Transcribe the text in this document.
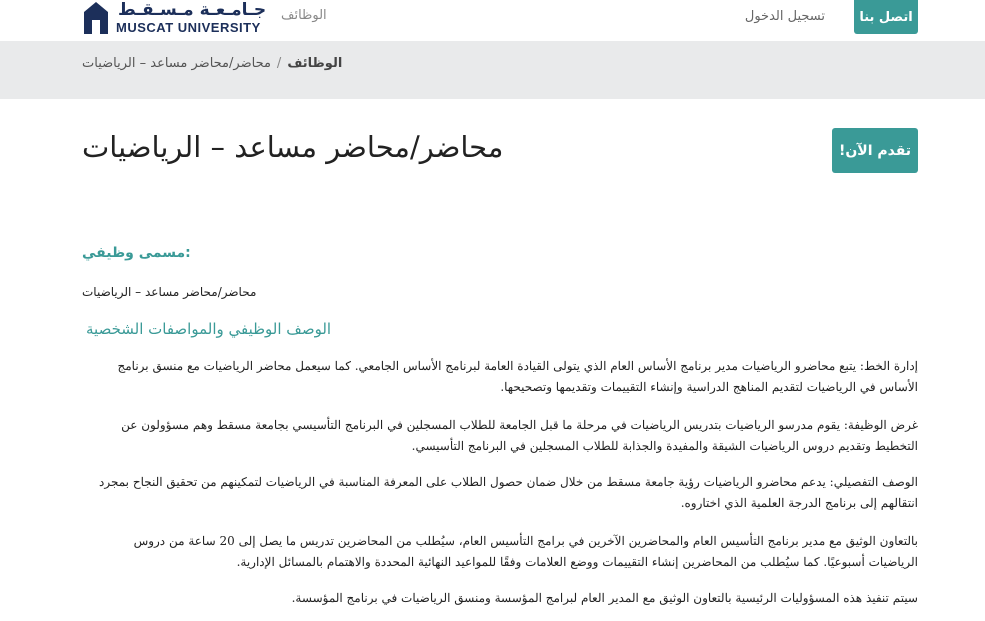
جـامـعـة مـسـقـط
MUSCAT UNIVERSITY
الوظائف	تسجيل الدخول	اتصل بنا
الوظائف/محاضر/محاضر مساعد – الرياضيات
محاضر/محاضر مساعد – الرياضيات	!تقدم الآن
:مسمى وظيفي
محاضر/محاضر مساعد – الرياضيات
الوصف الوظيفي والمواصفات الشخصية
إدارة الخط: يتبع محاضرو الرياضيات مدير برنامج الأساس العام الذي يتولى القيادة العامة لبرنامج الأساس الجامعي. كما سيعمل محاضر الرياضيات مع منسق برنامج الأساس في الرياضيات لتقديم المناهج الدراسية وإنشاء التقييمات وتقديمها وتصحيحها.
غرض الوظيفة: يقوم مدرسو الرياضيات بتدريس الرياضيات في مرحلة ما قبل الجامعة للطلاب المسجلين في البرنامج التأسيسي بجامعة مسقط وهم مسؤولون عن التخطيط وتقديم دروس الرياضيات الشيقة والمفيدة والجذابة للطلاب المسجلين في البرنامج التأسيسي.
الوصف التفصيلي: يدعم محاضرو الرياضيات رؤية جامعة مسقط من خلال ضمان حصول الطلاب على المعرفة المناسبة في الرياضيات لتمكينهم من تحقيق النجاح بمجرد انتقالهم إلى برنامج الدرجة العلمية الذي اختاروه.
بالتعاون الوثيق مع مدير برنامج التأسيس العام والمحاضرين الآخرين في برامج التأسيس العام، سيُطلب من المحاضرين تدريس ما يصل إلى 20 ساعة من دروس الرياضيات أسبوعيًا. كما سيُطلب من المحاضرين إنشاء التقييمات ووضع العلامات وفقًا للمواعيد النهائية المحددة والاهتمام بالمسائل الإدارية.
سيتم تنفيذ هذه المسؤوليات الرئيسية بالتعاون الوثيق مع المدير العام لبرامج المؤسسة ومنسق الرياضيات في برنامج المؤسسة.
